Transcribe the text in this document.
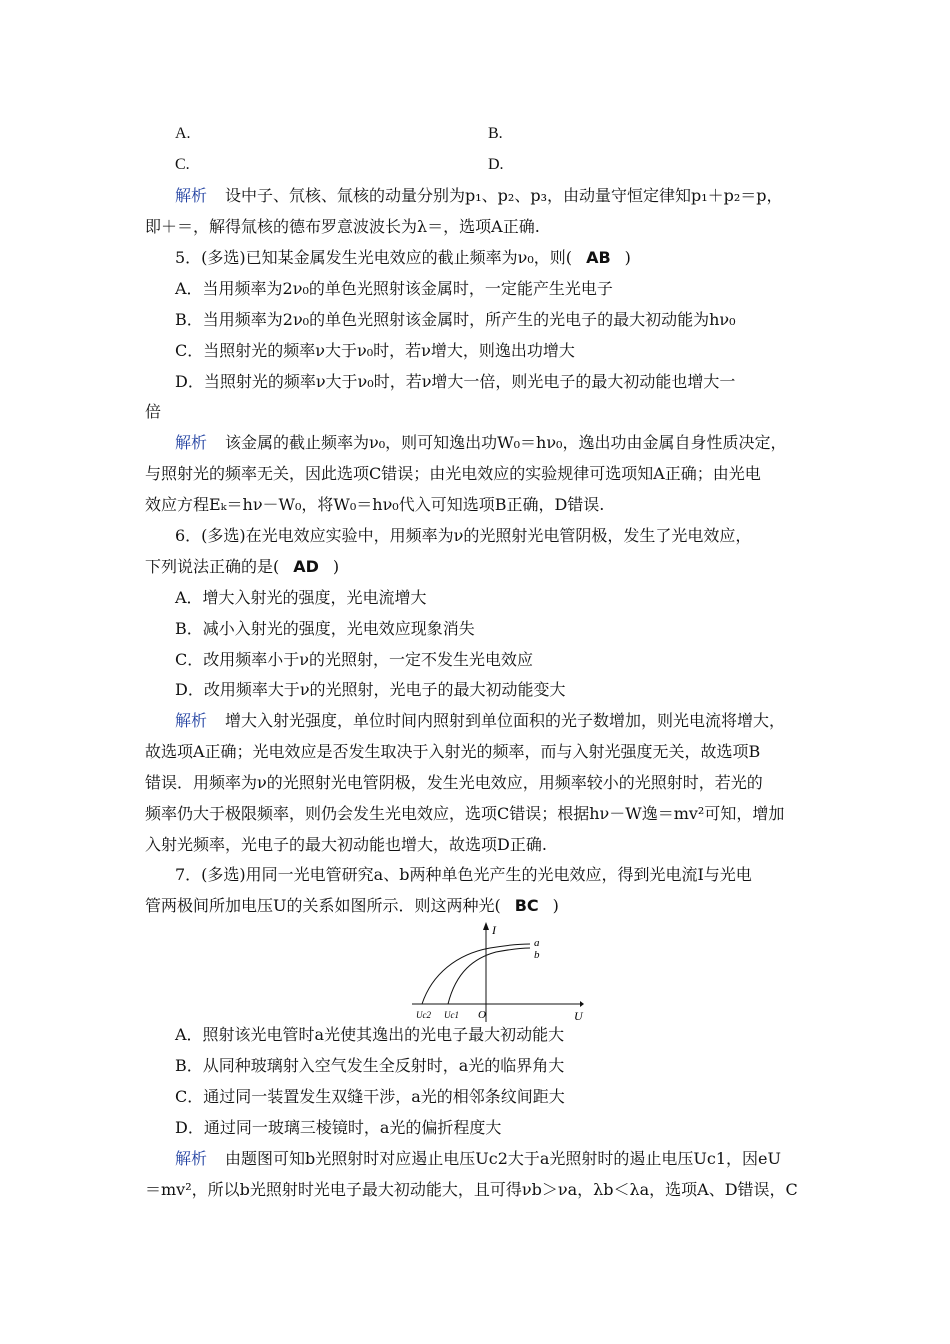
A.	B.
C.	D.
解析 设中子、氘核、氚核的动量分别为p₁、p₂、p₃，由动量守恒定律知p₁＋p₂＝p，
即＋＝，解得氚核的德布罗意波波长为λ＝，选项A正确.
5．(多选)已知某金属发生光电效应的截止频率为ν₀，则( AB )
A．当用频率为2ν₀的单色光照射该金属时，一定能产生光电子
B．当用频率为2ν₀的单色光照射该金属时，所产生的光电子的最大初动能为hν₀
C．当照射光的频率ν大于ν₀时，若ν增大，则逸出功增大
D．当照射光的频率ν大于ν₀时，若ν增大一倍，则光电子的最大初动能也增大一
倍
解析 该金属的截止频率为ν₀，则可知逸出功W₀＝hν₀，逸出功由金属自身性质决定，
与照射光的频率无关，因此选项C错误；由光电效应的实验规律可选项知A正确；由光电
效应方程Eₖ＝hν－W₀，将W₀＝hν₀代入可知选项B正确，D错误.
6．(多选)在光电效应实验中，用频率为ν的光照射光电管阴极，发生了光电效应，
下列说法正确的是( AD )
A．增大入射光的强度，光电流增大
B．减小入射光的强度，光电效应现象消失
C．改用频率小于ν的光照射，一定不发生光电效应
D．改用频率大于ν的光照射，光电子的最大初动能变大
解析 增大入射光强度，单位时间内照射到单位面积的光子数增加，则光电流将增大，
故选项A正确；光电效应是否发生取决于入射光的频率，而与入射光强度无关，故选项B
错误．用频率为ν的光照射光电管阴极，发生光电效应，用频率较小的光照射时，若光的
频率仍大于极限频率，则仍会发生光电效应，选项C错误；根据hν－W逸＝mv²可知，增加
入射光频率，光电子的最大初动能也增大，故选项D正确.
7．(多选)用同一光电管研究a、b两种单色光产生的光电效应，得到光电流I与光电
管两极间所加电压U的关系如图所示．则这两种光( BC )
I
U
O
Uc2 Uc1
a
b
A．照射该光电管时a光使其逸出的光电子最大初动能大
B．从同种玻璃射入空气发生全反射时，a光的临界角大
C．通过同一装置发生双缝干涉，a光的相邻条纹间距大
D．通过同一玻璃三棱镜时，a光的偏折程度大
解析 由题图可知b光照射时对应遏止电压Uc2大于a光照射时的遏止电压Uc1，因eU
＝mv²，所以b光照射时光电子最大初动能大，且可得νb＞νa，λb＜λa，选项A、D错误，C
